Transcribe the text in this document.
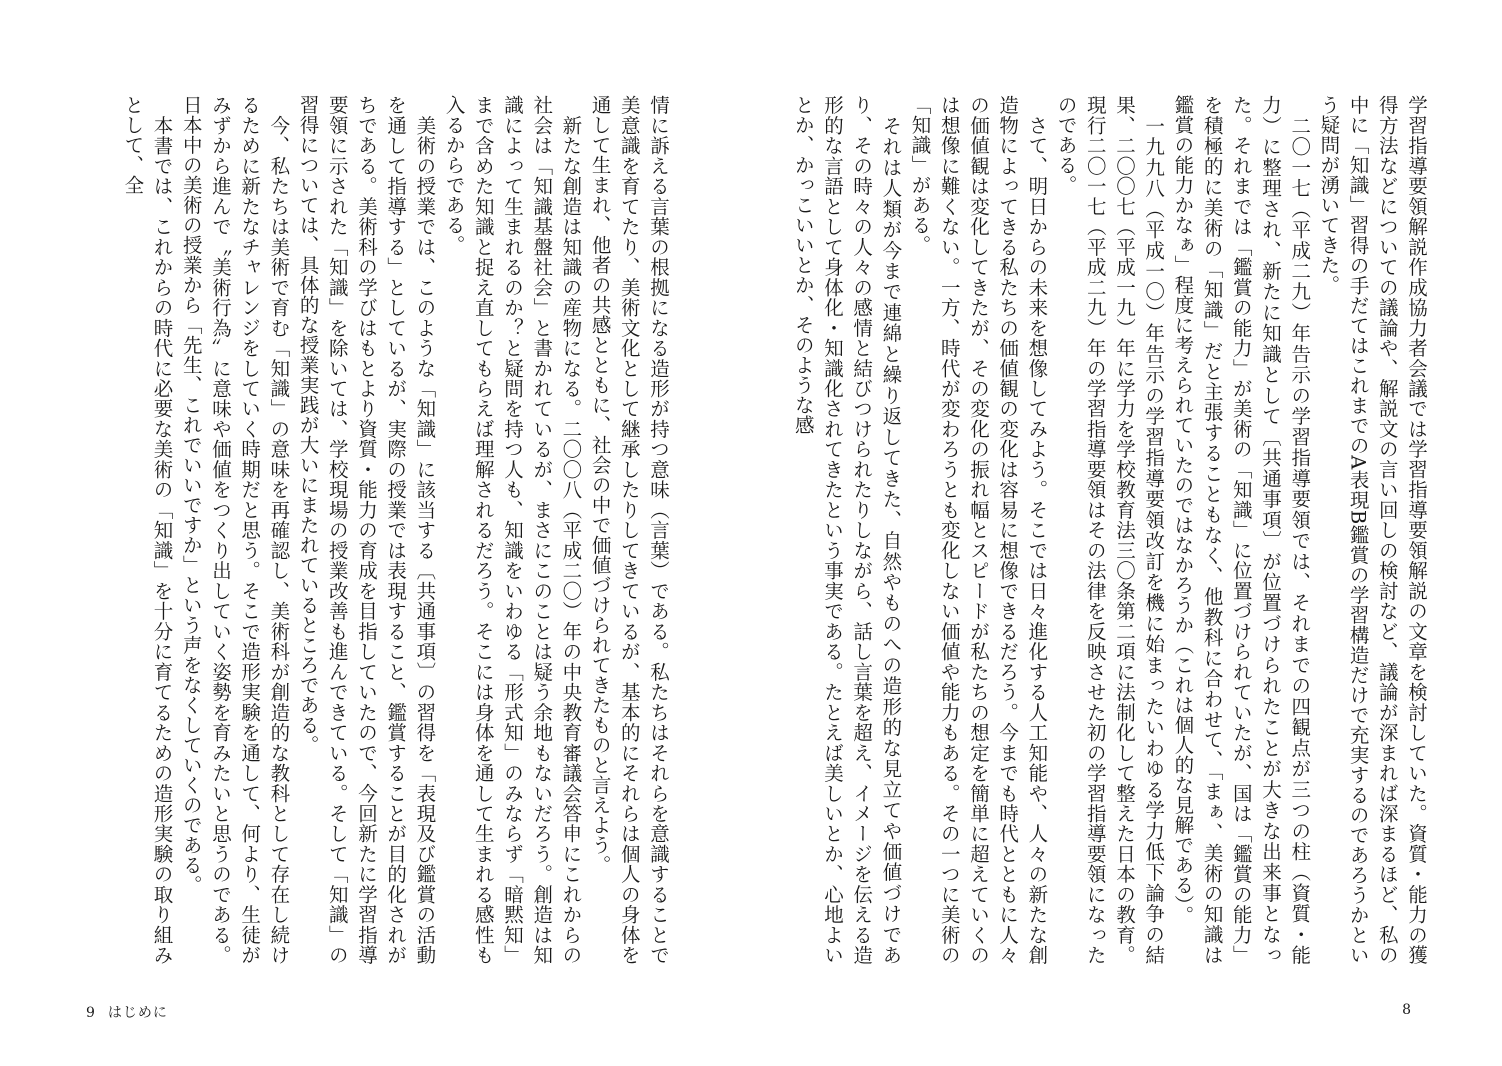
情に訴える言葉の根拠になる造形が持つ意味（言葉）である。私たちはそれらを意識することで美意識を育てたり、美術文化として継承したりしてきているが、基本的にそれらは個人の身体を通して生まれ、他者の共感とともに、社会の中で価値づけられてきたものと言えよう。
　新たな創造は知識の産物になる。二〇〇八（平成二〇）年の中央教育審議会答申にこれからの社会は「知識基盤社会」と書かれているが、まさにこのことは疑う余地もないだろう。創造は知識によって生まれるのか？と疑問を持つ人も、知識をいわゆる「形式知」のみならず「暗黙知」まで含めた知識と捉え直してもらえば理解されるだろう。そこには身体を通して生まれる感性も入るからである。
　美術の授業では、このような「知識」に該当する〔共通事項〕の習得を「表現及び鑑賞の活動を通して指導する」としているが、実際の授業では表現すること、鑑賞することが目的化されがちである。美術科の学びはもとより資質・能力の育成を目指していたので、今回新たに学習指導要領に示された「知識」を除いては、学校現場の授業改善も進んできている。そして「知識」の習得については、具体的な授業実践が大いにまたれているところである。
　今、私たちは美術で育む「知識」の意味を再確認し、美術科が創造的な教科として存在し続けるために新たなチャレンジをしていく時期だと思う。そこで造形実験を通して、何より、生徒がみずから進んで〝美術行為〟に意味や価値をつくり出していく姿勢を育みたいと思うのである。日本中の美術の授業から「先生、これでいいですか」という声をなくしていくのである。
　本書では、これからの時代に必要な美術の「知識」を十分に育てるための造形実験の取り組みとして、全
9 はじめに
学習指導要領解説作成協力者会議では学習指導要領解説の文章を検討していた。資質・能力の獲得方法などについての議論や、解説文の言い回しの検討など、議論が深まれば深まるほど、私の中に「知識」習得の手だてはこれまでのA表現B鑑賞の学習構造だけで充実するのであろうかという疑問が湧いてきた。
　二〇一七（平成二九）年告示の学習指導要領では、それまでの四観点が三つの柱（資質・能力）に整理され、新たに知識として〔共通事項〕が位置づけられたことが大きな出来事となった。それまでは「鑑賞の能力」が美術の「知識」に位置づけられていたが、国は「鑑賞の能力」を積極的に美術の「知識」だと主張することもなく、他教科に合わせて、「まぁ、美術の知識は鑑賞の能力かなぁ」程度に考えられていたのではなかろうか（これは個人的な見解である）。
　一九九八（平成一〇）年告示の学習指導要領改訂を機に始まったいわゆる学力低下論争の結果、二〇〇七（平成一九）年に学力を学校教育法三〇条第二項に法制化して整えた日本の教育。現行二〇一七（平成二九）年の学習指導要領はその法律を反映させた初の学習指導要領になったのである。
　さて、明日からの未来を想像してみよう。そこでは日々進化する人工知能や、人々の新たな創造物によってきる私たちの価値観の変化は容易に想像できるだろう。今までも時代とともに人々の価値観は変化してきたが、その変化の振れ幅とスピードが私たちの想定を簡単に超えていくのは想像に難くない。一方、時代が変わろうとも変化しない価値や能力もある。その一つに美術の「知識」がある。
　それは人類が今まで連綿と繰り返してきた、自然やものへの造形的な見立てや価値づけであり、その時々の人々の感情と結びつけられたりしながら、話し言葉を超え、イメージを伝える造形的な言語として身体化・知識化されてきたという事実である。たとえば美しいとか、心地よいとか、かっこいいとか、そのような感
8
